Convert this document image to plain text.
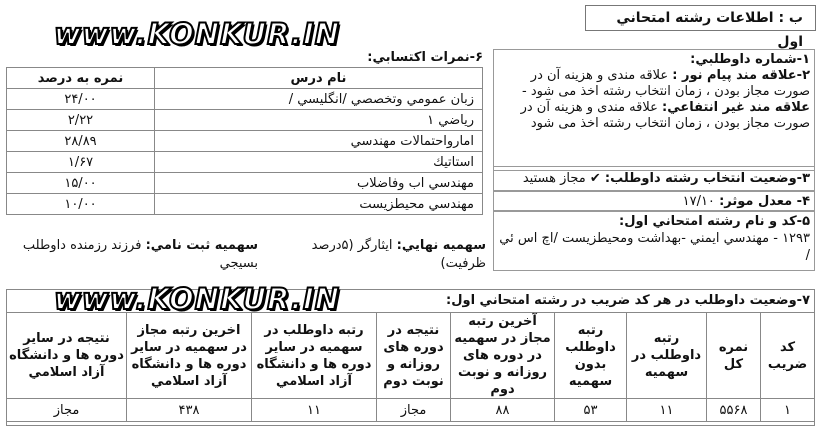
ب : اطلاعات رشته امتحاني اول
www.KONKUR.IN
۶-نمرات اکتسابي:
نام درس	نمره به درصد
زبان عمومي وتخصصي /انگليسي /	۲۴/۰۰
رياضي ۱	۲/۲۲
امارواحتمالات مهندسي	۲۸/۸۹
استاتيك	۱/۶۷
مهندسي اب وفاضلاب	۱۵/۰۰
مهندسي محيطزيست	۱۰/۰۰
سهميه نهايي: ايثارگر (۵درصد ظرفيت)
سهميه ثبت نامي: فرزند رزمنده داوطلب بسيجي
۱-شماره داوطلبي:
۲-علاقه مند پيام نور : علاقه مندی و هزينه آن در صورت مجاز بودن ، زمان انتخاب رشته اخذ می شود - علاقه مند غير انتفاعي: علاقه مندی و هزينه آن در صورت مجاز بودن ، زمان انتخاب رشته اخذ می شود
۳-وضعيت انتخاب رشته داوطلب: ✔ مجاز هستيد
۴- معدل موثر: ۱۷/۱۰
۵-کد و نام رشته امتحاني اول:
۱۲۹۳ - مهندسي ايمني -بهداشت ومحيطزيست /اچ اس ئي /
۷-وضعيت داوطلب در هر کد ضريب در رشته امتحاني اول:
کد ضريب	نمره کل	رتبه داوطلب در سهميه	رتبه داوطلب بدون سهميه	آخرين رتبه مجاز در سهميه در دوره های روزانه و نوبت دوم	نتيجه در دوره های روزانه و نوبت دوم	رتبه داوطلب در سهميه در ساير دوره ها و دانشگاه آزاد اسلامي	اخرين رتبه مجاز در سهميه در ساير دوره ها و دانشگاه آزاد اسلامي	نتيجه در ساير دوره ها و دانشگاه آزاد اسلامي
۱	۵۵۶۸	۱۱	۵۳	۸۸	مجاز	۱۱	۴۳۸	مجاز
www.KONKUR.IN
